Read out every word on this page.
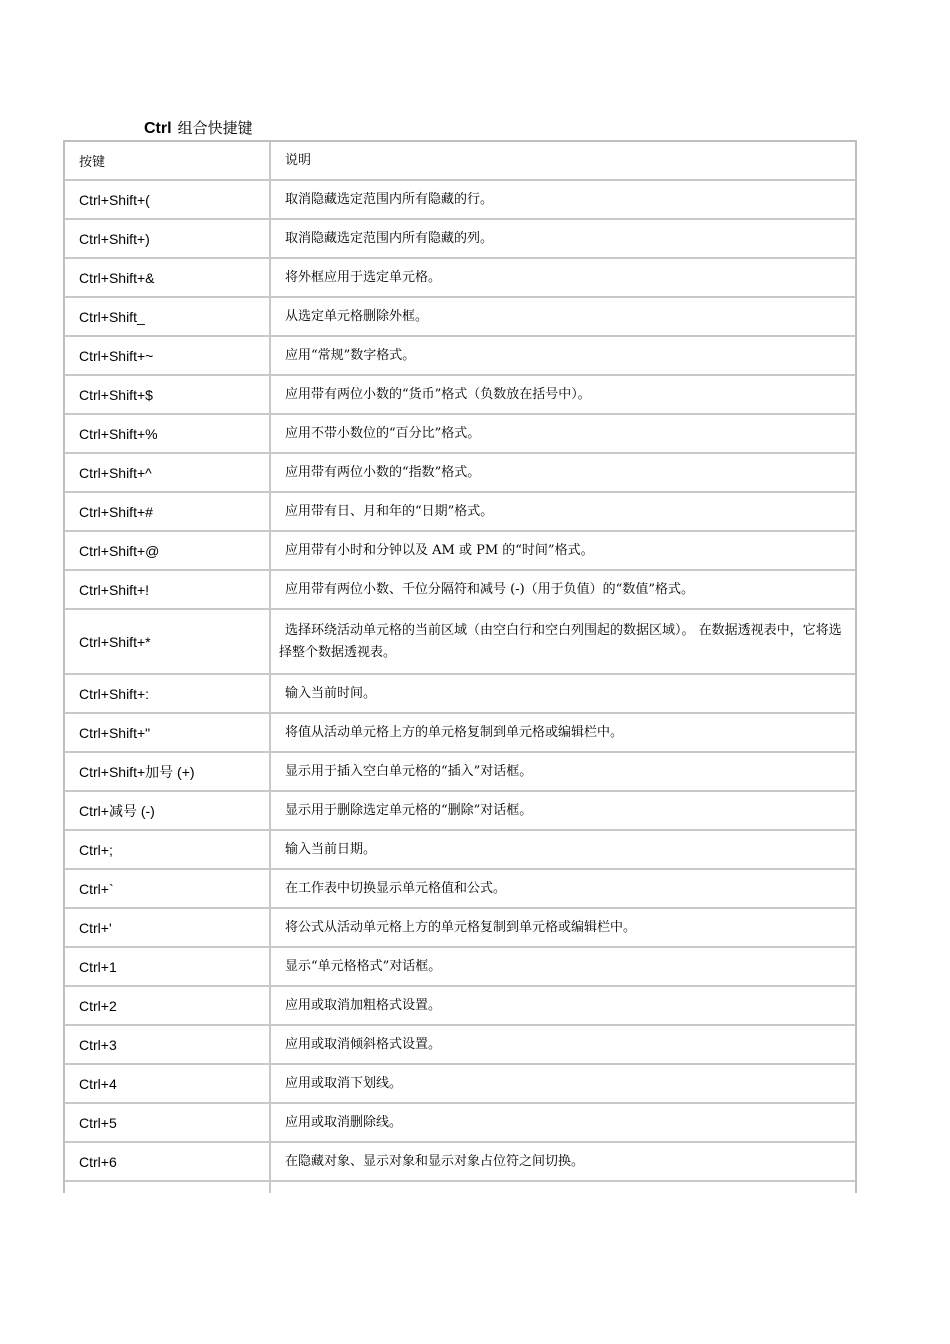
Ctrl 组合快捷键
按键	说明
Ctrl+Shift+(	取消隐藏选定范围内所有隐藏的行。
Ctrl+Shift+)	取消隐藏选定范围内所有隐藏的列。
Ctrl+Shift+&	将外框应用于选定单元格。
Ctrl+Shift_	从选定单元格删除外框。
Ctrl+Shift+~	应用“常规”数字格式。
Ctrl+Shift+$	应用带有两位小数的“货币”格式（负数放在括号中）。
Ctrl+Shift+%	应用不带小数位的“百分比”格式。
Ctrl+Shift+^	应用带有两位小数的“指数”格式。
Ctrl+Shift+#	应用带有日、月和年的“日期”格式。
Ctrl+Shift+@	应用带有小时和分钟以及 AM 或 PM 的“时间”格式。
Ctrl+Shift+!	应用带有两位小数、千位分隔符和减号 (-)（用于负值）的“数值”格式。
Ctrl+Shift+*	选择环绕活动单元格的当前区域（由空白行和空白列围起的数据区域）。 在数据透视表中，它将选择整个数据透视表。
Ctrl+Shift+:	输入当前时间。
Ctrl+Shift+"	将值从活动单元格上方的单元格复制到单元格或编辑栏中。
Ctrl+Shift+加号 (+)	显示用于插入空白单元格的“插入”对话框。
Ctrl+减号 (-)	显示用于删除选定单元格的“删除”对话框。
Ctrl+;	输入当前日期。
Ctrl+`	在工作表中切换显示单元格值和公式。
Ctrl+'	将公式从活动单元格上方的单元格复制到单元格或编辑栏中。
Ctrl+1	显示“单元格格式”对话框。
Ctrl+2	应用或取消加粗格式设置。
Ctrl+3	应用或取消倾斜格式设置。
Ctrl+4	应用或取消下划线。
Ctrl+5	应用或取消删除线。
Ctrl+6	在隐藏对象、显示对象和显示对象占位符之间切换。
